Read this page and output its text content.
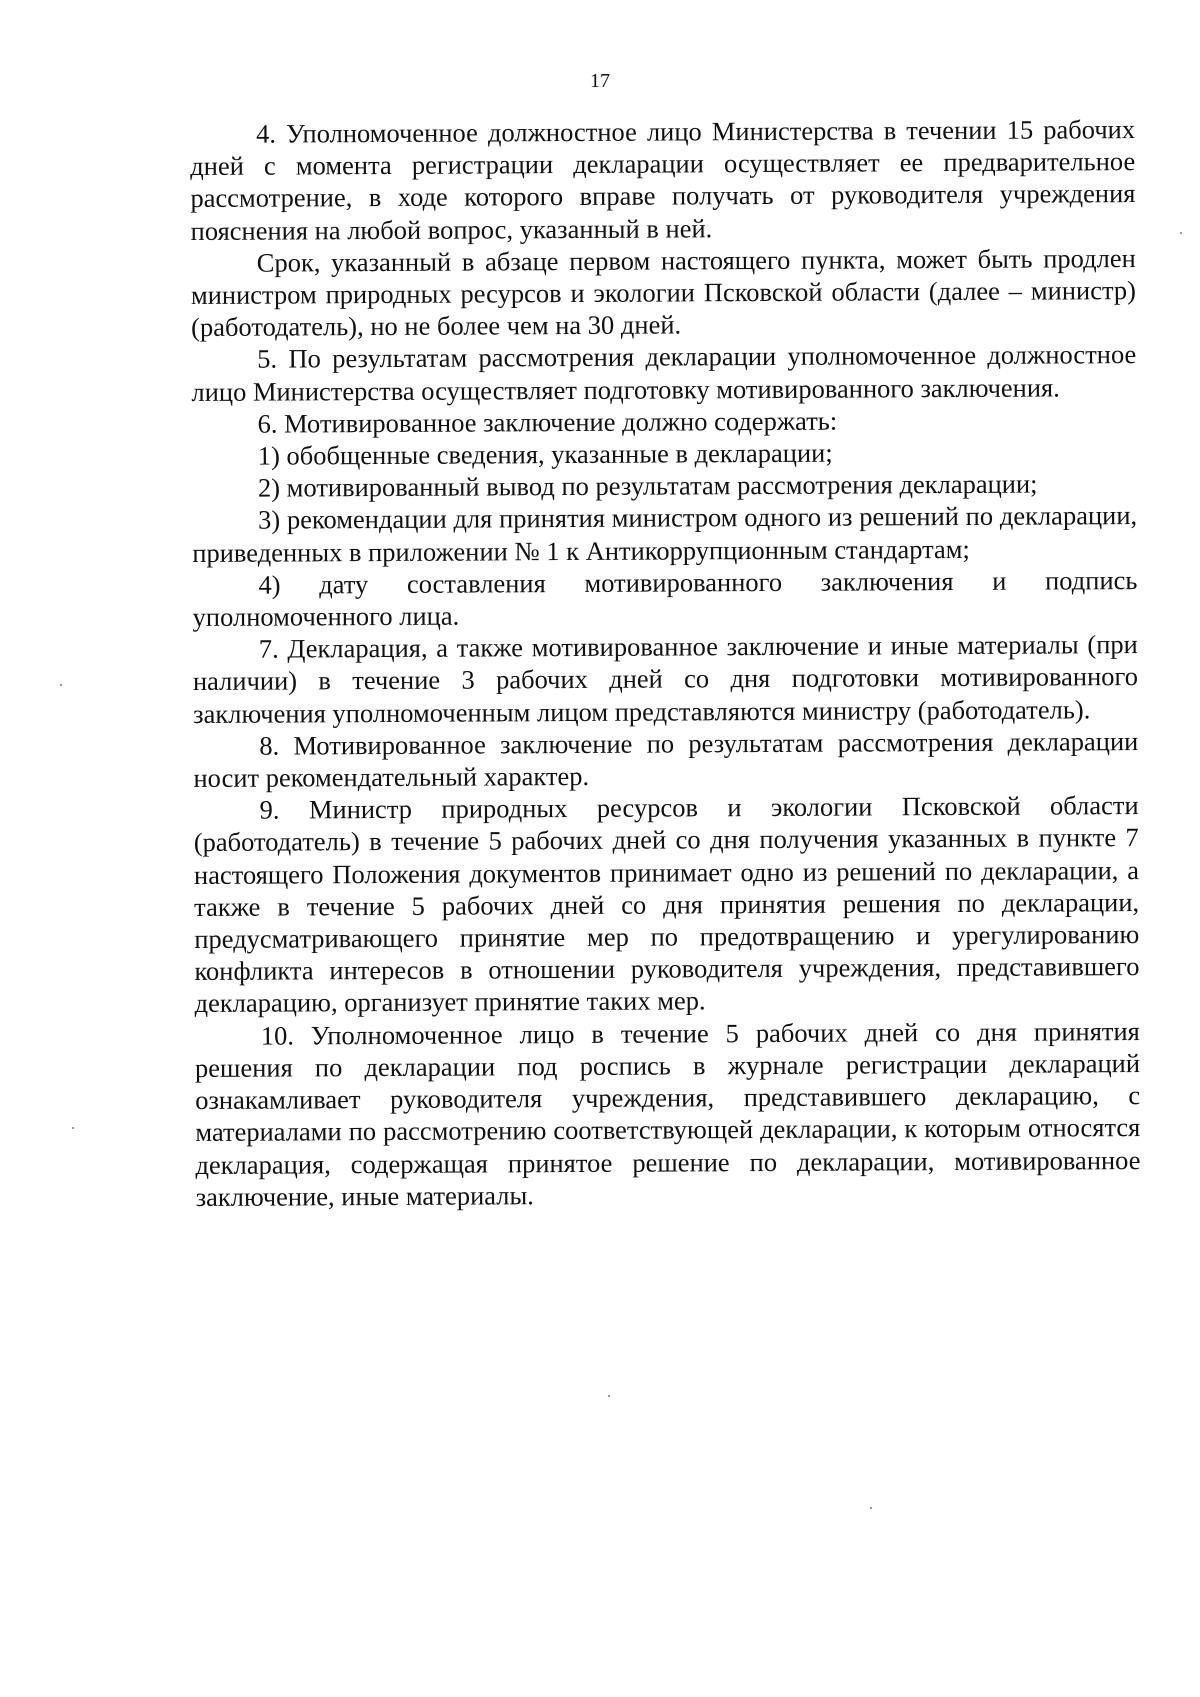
17

4. Уполномоченное должностное лицо Министерства в течении 15 рабочих дней с момента регистрации декларации осуществляет ее предварительное рассмотрение, в ходе которого вправе получать от руководителя учреждения пояснения на любой вопрос, указанный в ней.

Срок, указанный в абзаце первом настоящего пункта, может быть продлен министром природных ресурсов и экологии Псковской области (далее – министр) (работодатель), но не более чем на 30 дней.

5. По результатам рассмотрения декларации уполномоченное должностное лицо Министерства осуществляет подготовку мотивированного заключения.

6. Мотивированное заключение должно содержать:

1) обобщенные сведения, указанные в декларации;

2) мотивированный вывод по результатам рассмотрения декларации;

3) рекомендации для принятия министром одного из решений по декларации, приведенных в приложении № 1 к Антикоррупционным стандартам;

4) дату составления мотивированного заключения и подпись уполномоченного лица.

7. Декларация, а также мотивированное заключение и иные материалы (при наличии) в течение 3 рабочих дней со дня подготовки мотивированного заключения уполномоченным лицом представляются министру (работодатель).

8. Мотивированное заключение по результатам рассмотрения декларации носит рекомендательный характер.

9. Министр природных ресурсов и экологии Псковской области (работодатель) в течение 5 рабочих дней со дня получения указанных в пункте 7 настоящего Положения документов принимает одно из решений по декларации, а также в течение 5 рабочих дней со дня принятия решения по декларации, предусматривающего принятие мер по предотвращению и урегулированию конфликта интересов в отношении руководителя учреждения, представившего декларацию, организует принятие таких мер.

10. Уполномоченное лицо в течение 5 рабочих дней со дня принятия решения по декларации под роспись в журнале регистрации деклараций ознакамливает руководителя учреждения, представившего декларацию, с материалами по рассмотрению соответствующей декларации, к которым относятся декларация, содержащая принятое решение по декларации, мотивированное заключение, иные материалы.
